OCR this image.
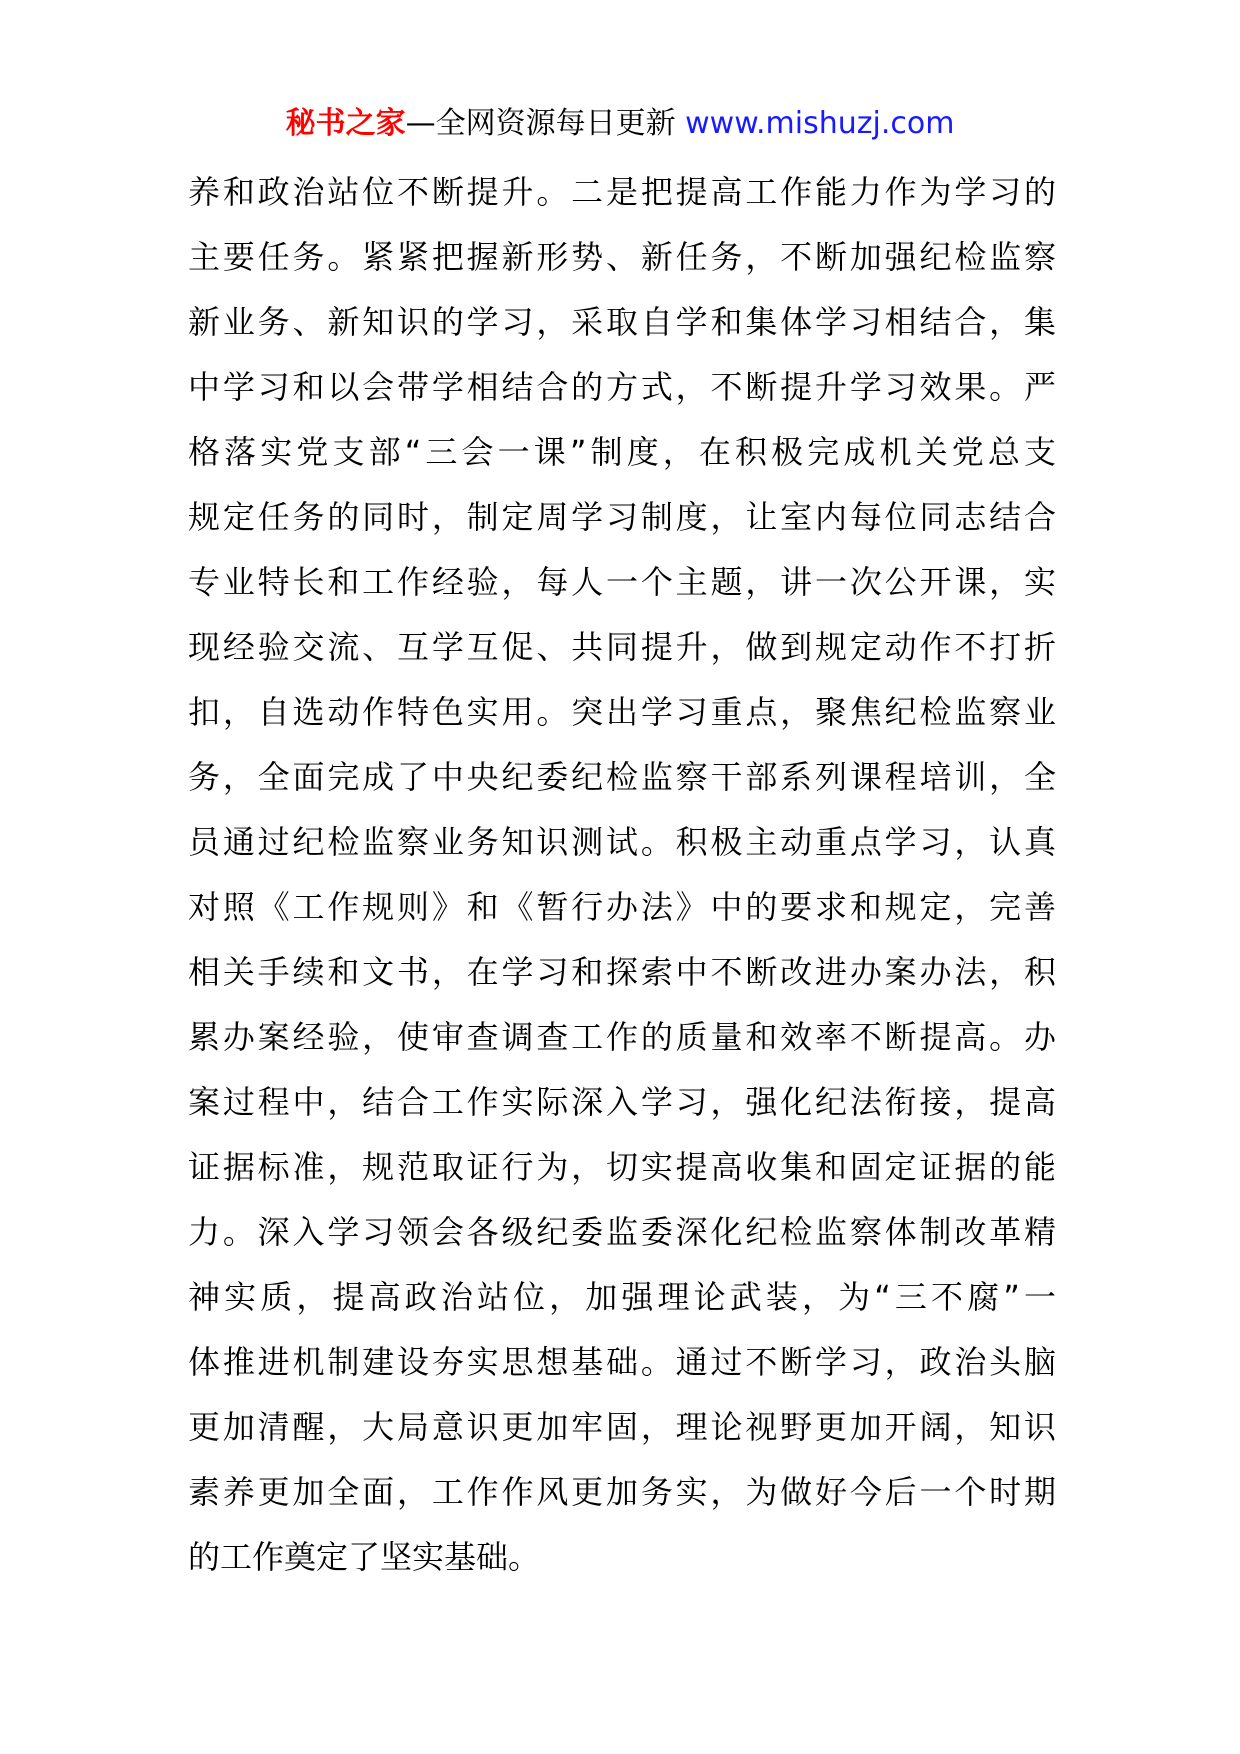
秘书之家—全网资源每日更新 www.mishuzj.com
养和政治站位不断提升。二是把提高工作能力作为学习的
主要任务。紧紧把握新形势、新任务，不断加强纪检监察
新业务、新知识的学习，采取自学和集体学习相结合，集
中学习和以会带学相结合的方式，不断提升学习效果。严
格落实党支部“三会一课”制度，在积极完成机关党总支
规定任务的同时，制定周学习制度，让室内每位同志结合
专业特长和工作经验，每人一个主题，讲一次公开课，实
现经验交流、互学互促、共同提升，做到规定动作不打折
扣，自选动作特色实用。突出学习重点，聚焦纪检监察业
务，全面完成了中央纪委纪检监察干部系列课程培训，全
员通过纪检监察业务知识测试。积极主动重点学习，认真
对照《工作规则》和《暂行办法》中的要求和规定，完善
相关手续和文书，在学习和探索中不断改进办案办法，积
累办案经验，使审查调查工作的质量和效率不断提高。办
案过程中，结合工作实际深入学习，强化纪法衔接，提高
证据标准，规范取证行为，切实提高收集和固定证据的能
力。深入学习领会各级纪委监委深化纪检监察体制改革精
神实质，提高政治站位，加强理论武装，为“三不腐”一
体推进机制建设夯实思想基础。通过不断学习，政治头脑
更加清醒，大局意识更加牢固，理论视野更加开阔，知识
素养更加全面，工作作风更加务实，为做好今后一个时期
的工作奠定了坚实基础。
